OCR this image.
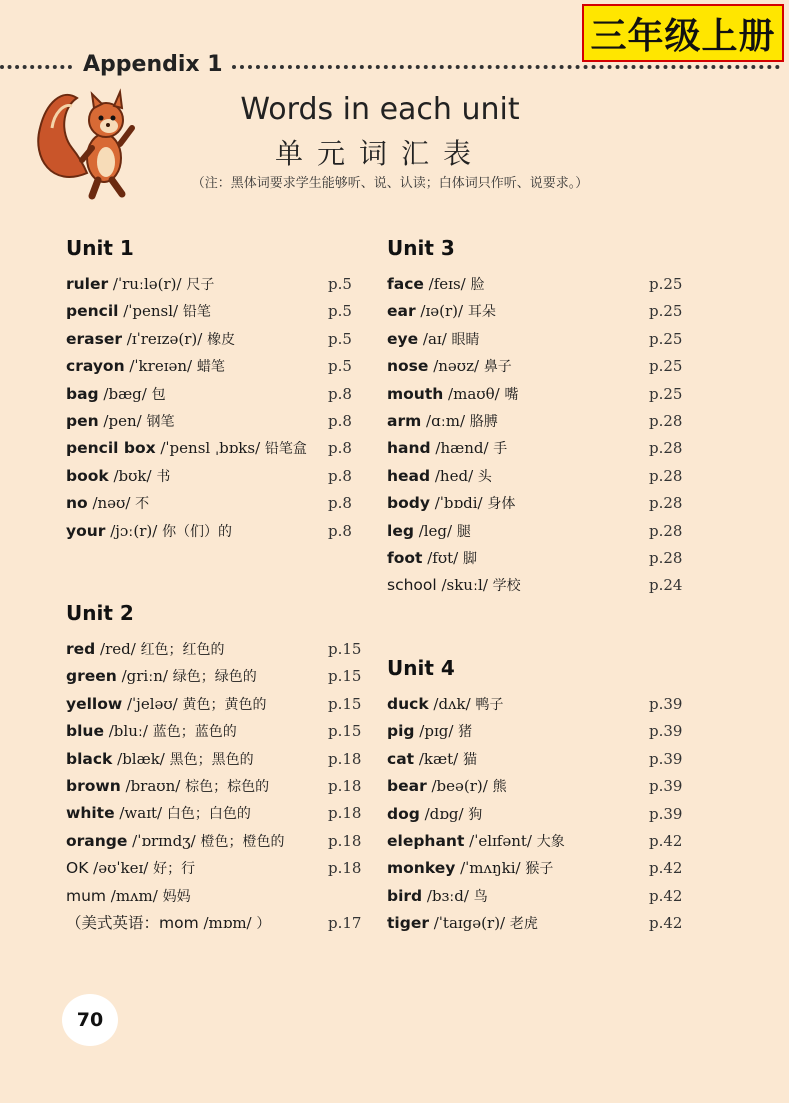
三年级上册
Appendix 1
Words in each unit
单元词汇表
（注：黑体词要求学生能够听、说、认读；白体词只作听、说要求。）
Unit 1
ruler /ˈruːlə(r)/ 尺子	p.5
pencil /ˈpensl/ 铅笔	p.5
eraser /ɪˈreɪzə(r)/ 橡皮	p.5
crayon /ˈkreɪən/ 蜡笔	p.5
bag /bæg/ 包	p.8
pen /pen/ 钢笔	p.8
pencil box /ˈpensl ˌbɒks/ 铅笔盒 p.8
book /bʊk/ 书	p.8
no /nəʊ/ 不	p.8
your /jɔː(r)/ 你（们）的	p.8
Unit 2
red /red/ 红色；红色的	p.15
green /griːn/ 绿色；绿色的	p.15
yellow /ˈjeləʊ/ 黄色；黄色的	p.15
blue /bluː/ 蓝色；蓝色的	p.15
black /blæk/ 黑色；黑色的	p.18
brown /braʊn/ 棕色；棕色的	p.18
white /waɪt/ 白色；白色的	p.18
orange /ˈɒrɪndʒ/ 橙色；橙色的	p.18
OK /əʊˈkeɪ/ 好；行	p.18
mum /mʌm/ 妈妈
（美式英语：mom /mɒm/ ）	p.17
Unit 3
face /feɪs/ 脸	p.25
ear /ɪə(r)/ 耳朵	p.25
eye /aɪ/ 眼睛	p.25
nose /nəʊz/ 鼻子	p.25
mouth /maʊθ/ 嘴	p.25
arm /ɑːm/ 胳膊	p.28
hand /hænd/ 手	p.28
head /hed/ 头	p.28
body /ˈbɒdi/ 身体	p.28
leg /leg/ 腿	p.28
foot /fʊt/ 脚	p.28
school /skuːl/ 学校	p.24
Unit 4
duck /dʌk/ 鸭子	p.39
pig /pɪg/ 猪	p.39
cat /kæt/ 猫	p.39
bear /beə(r)/ 熊	p.39
dog /dɒg/ 狗	p.39
elephant /ˈelɪfənt/ 大象	p.42
monkey /ˈmʌŋki/ 猴子	p.42
bird /bɜːd/ 鸟	p.42
tiger /ˈtaɪgə(r)/ 老虎	p.42
70
